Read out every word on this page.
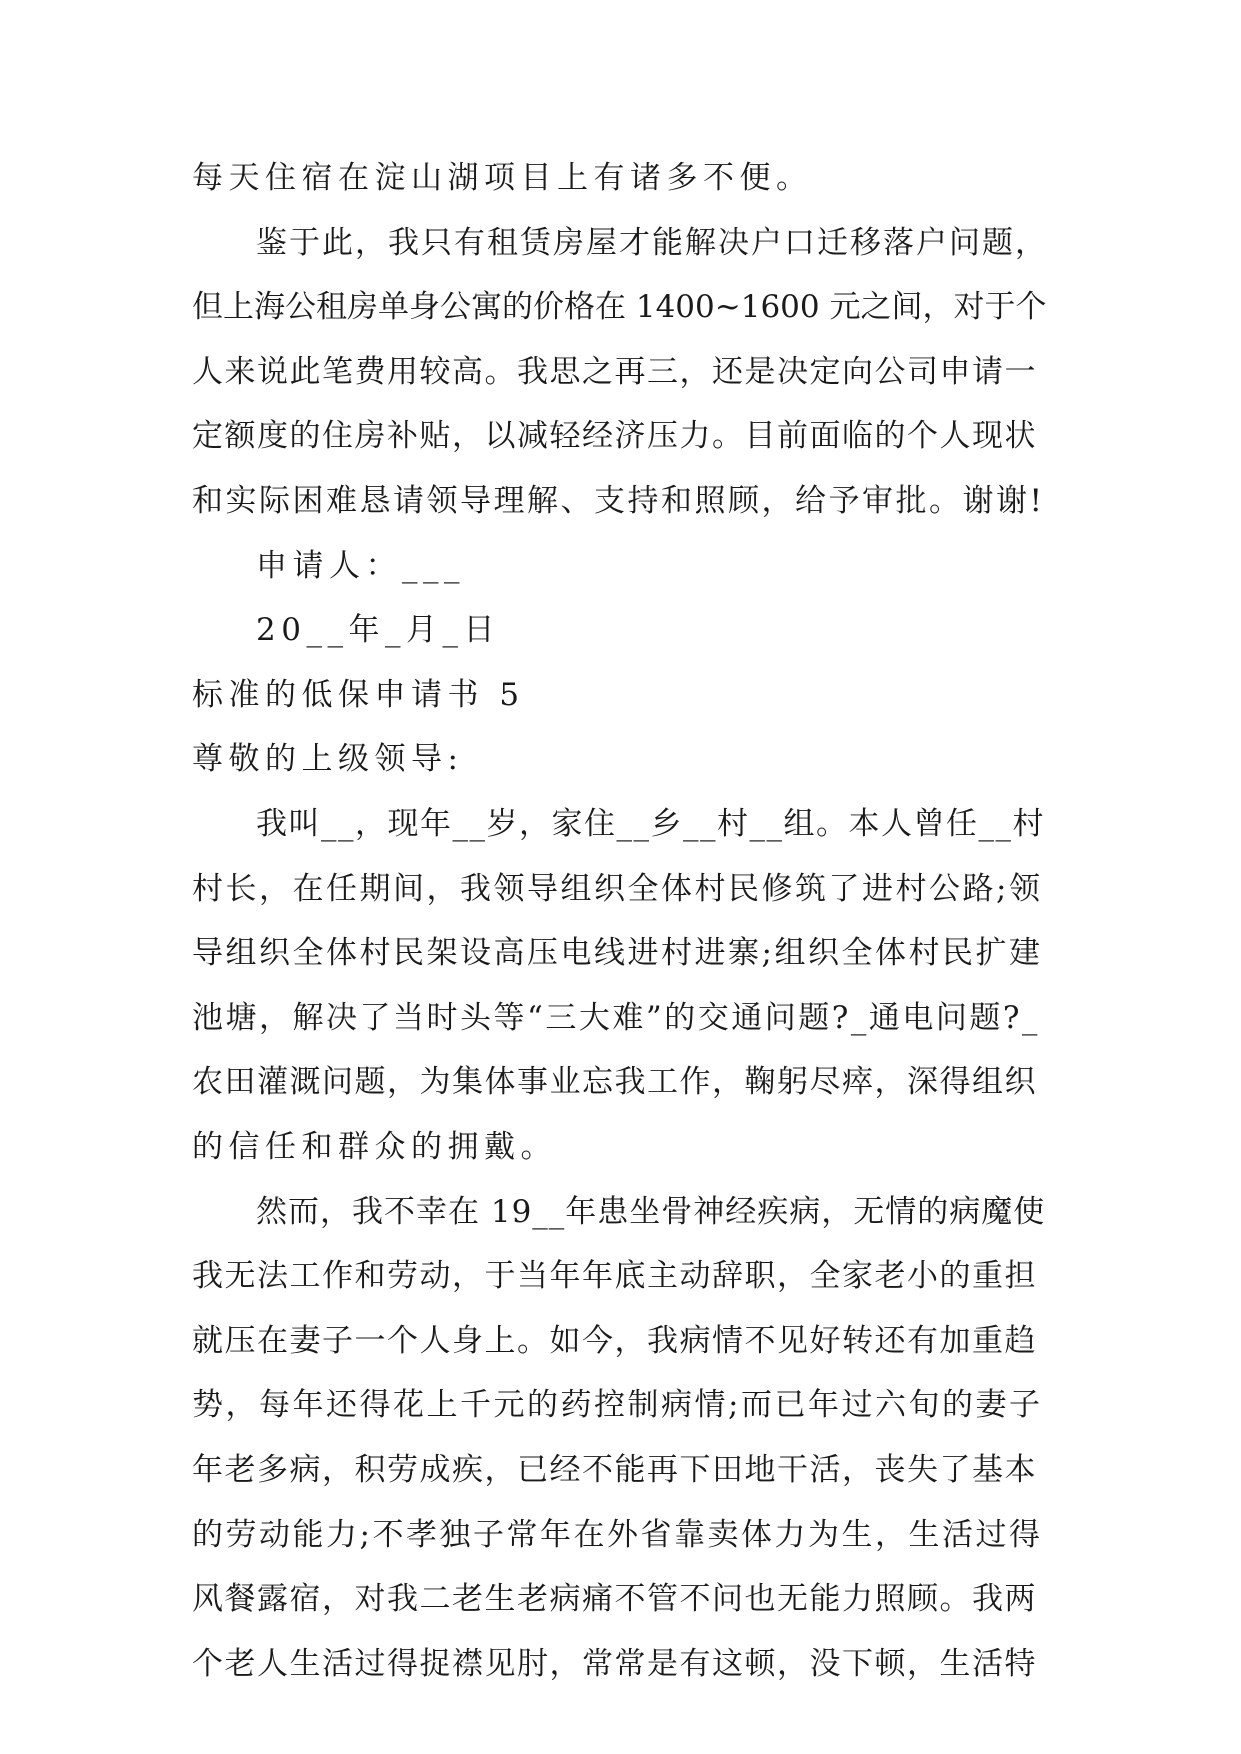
每天住宿在淀山湖项目上有诸多不便。
鉴于此，我只有租赁房屋才能解决户口迁移落户问题，
但上海公租房单身公寓的价格在 1400~1600 元之间，对于个
人来说此笔费用较高。我思之再三，还是决定向公司申请一
定额度的住房补贴，以减轻经济压力。目前面临的个人现状
和实际困难恳请领导理解、支持和照顾，给予审批。谢谢!
申请人：___
20__年_月_日
标准的低保申请书 5
尊敬的上级领导:
我叫__，现年__岁，家住__乡__村__组。本人曾任__村
村长，在任期间，我领导组织全体村民修筑了进村公路;领
导组织全体村民架设高压电线进村进寨;组织全体村民扩建
池塘，解决了当时头等“三大难”的交通问题?_通电问题?_
农田灌溉问题，为集体事业忘我工作，鞠躬尽瘁，深得组织
的信任和群众的拥戴。
然而，我不幸在 19__年患坐骨神经疾病，无情的病魔使
我无法工作和劳动，于当年年底主动辞职，全家老小的重担
就压在妻子一个人身上。如今，我病情不见好转还有加重趋
势，每年还得花上千元的药控制病情;而已年过六旬的妻子
年老多病，积劳成疾，已经不能再下田地干活，丧失了基本
的劳动能力;不孝独子常年在外省靠卖体力为生，生活过得
风餐露宿，对我二老生老病痛不管不问也无能力照顾。我两
个老人生活过得捉襟见肘，常常是有这顿，没下顿，生活特
